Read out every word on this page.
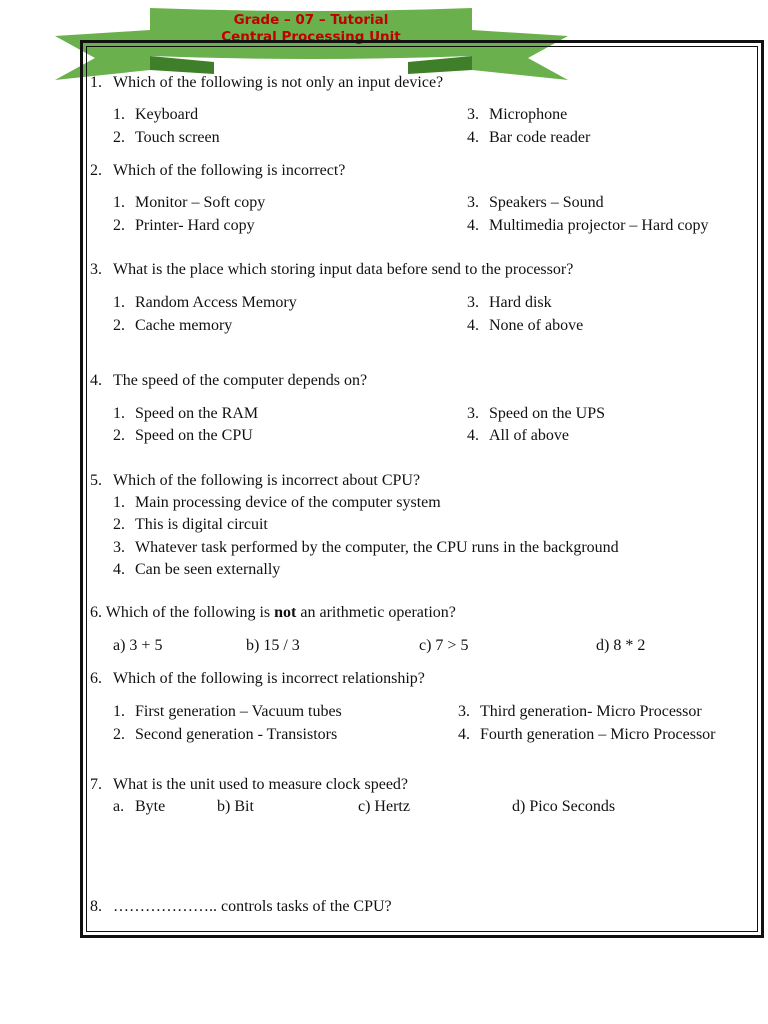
Grade – 07 – Tutorial
Central Processing Unit
1. Which of the following is not only an input device?
1. Keyboard
2. Touch screen
3. Microphone
4. Bar code reader
2. Which of the following is incorrect?
1. Monitor – Soft copy
2. Printer- Hard copy
3. Speakers – Sound
4. Multimedia projector – Hard copy
3. What is the place which storing input data before send to the processor?
1. Random Access Memory
2. Cache memory
3. Hard disk
4. None of above
4. The speed of the computer depends on?
1. Speed on the RAM
2. Speed on the CPU
3. Speed on the UPS
4. All of above
5. Which of the following is incorrect about CPU?
1. Main processing device of the computer system
2. This is digital circuit
3. Whatever task performed by the computer, the CPU runs in the background
4. Can be seen externally
6. Which of the following is not an arithmetic operation?
a) 3 + 5	b) 15 / 3	c) 7 > 5	d) 8 * 2
6. Which of the following is incorrect relationship?
1. First generation – Vacuum tubes
2. Second generation - Transistors
3. Third generation- Micro Processor
4. Fourth generation – Micro Processor
7. What is the unit used to measure clock speed?
a. Byte	b) Bit	c) Hertz	d) Pico Seconds
8. ……………….. controls tasks of the CPU?
